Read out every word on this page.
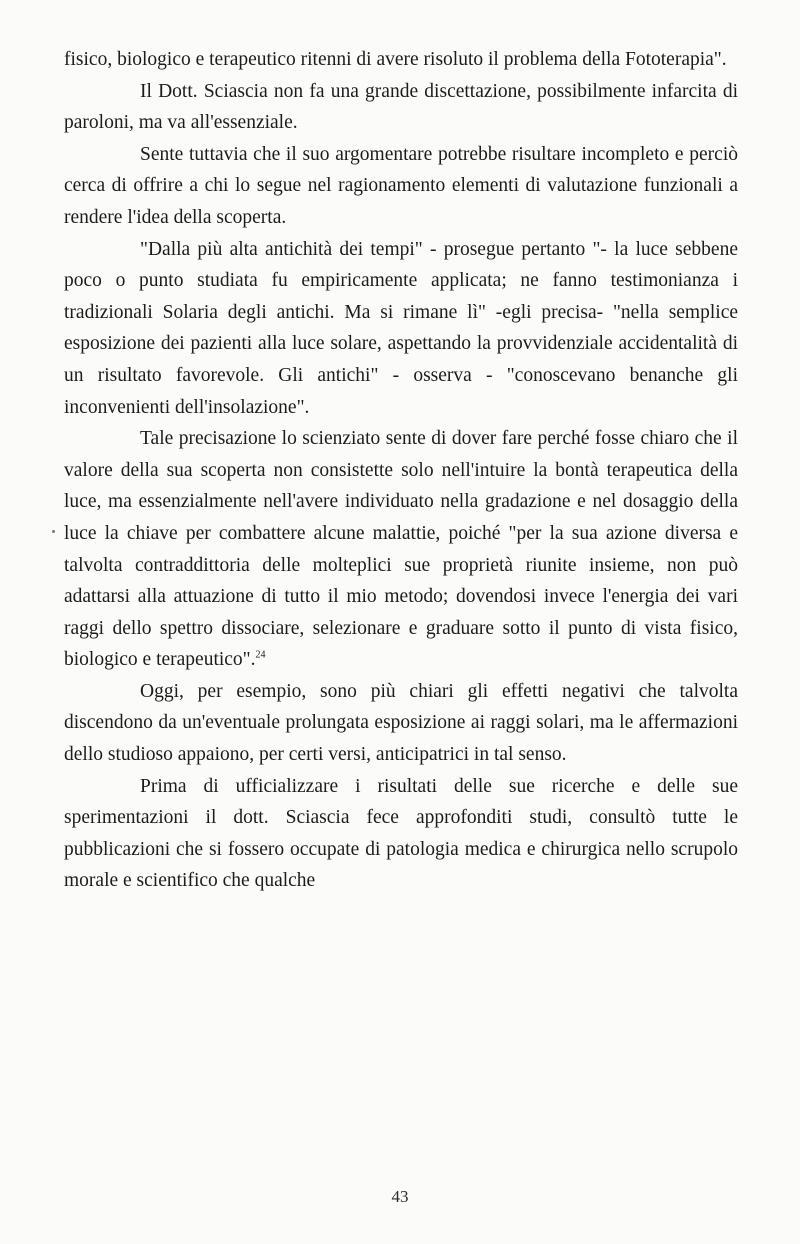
fisico, biologico e terapeutico ritenni di avere risoluto il problema della Fototerapia".

Il Dott. Sciascia non fa una grande discettazione, possibilmente infarcita di paroloni, ma va all'essenziale.

Sente tuttavia che il suo argomentare potrebbe risultare incompleto e perciò cerca di offrire a chi lo segue nel ragionamento elementi di valutazione funzionali a rendere l'idea della scoperta.

"Dalla più alta antichità dei tempi" - prosegue pertanto "- la luce sebbene poco o punto studiata fu empiricamente applicata; ne fanno testimonianza i tradizionali Solaria degli antichi. Ma si rimane lì" -egli precisa- "nella semplice esposizione dei pazienti alla luce solare, aspettando la provvidenziale accidentalità di un risultato favorevole. Gli antichi" - osserva - "conoscevano benanche gli inconvenienti dell'insolazione".

Tale precisazione lo scienziato sente di dover fare perché fosse chiaro che il valore della sua scoperta non consistette solo nell'intuire la bontà terapeutica della luce, ma essenzialmente nell'avere individuato nella gradazione e nel dosaggio della luce la chiave per combattere alcune malattie, poiché "per la sua azione diversa e talvolta contraddittoria delle molteplici sue proprietà riunite insieme, non può adattarsi alla attuazione di tutto il mio metodo; dovendosi invece l'energia dei vari raggi dello spettro dissociare, selezionare e graduare sotto il punto di vista fisico, biologico e terapeutico".$^{24}$

Oggi, per esempio, sono più chiari gli effetti negativi che talvolta discendono da un'eventuale prolungata esposizione ai raggi solari, ma le affermazioni dello studioso appaiono, per certi versi, anticipatrici in tal senso.

Prima di ufficializzare i risultati delle sue ricerche e delle sue sperimentazioni il dott. Sciascia fece approfonditi studi, consultò tutte le pubblicazioni che si fossero occupate di patologia medica e chirurgica nello scrupolo morale e scientifico che qualche

43
